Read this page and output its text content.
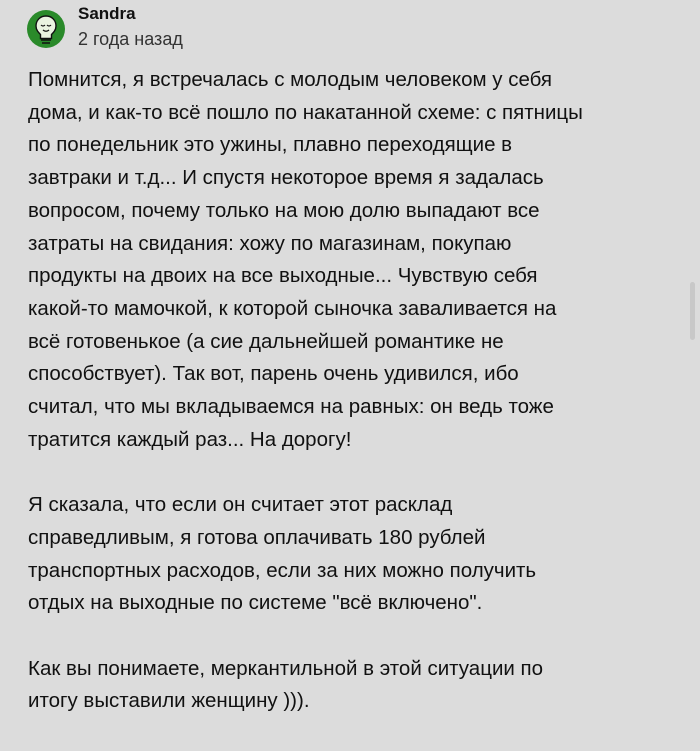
Sandra
2 года назад

Помнится, я встречалась с молодым человеком у себя
дома, и как-то всё пошло по накатанной схеме: с пятницы
по понедельник это ужины, плавно переходящие в
завтраки и т.д... И спустя некоторое время я задалась
вопросом, почему только на мою долю выпадают все
затраты на свидания: хожу по магазинам, покупаю
продукты на двоих на все выходные... Чувствую себя
какой-то мамочкой, к которой сыночка заваливается на
всё готовенькое (а сие дальнейшей романтике не
способствует). Так вот, парень очень удивился, ибо
считал, что мы вкладываемся на равных: он ведь тоже
тратится каждый раз... На дорогу!

Я сказала, что если он считает этот расклад
справедливым, я готова оплачивать 180 рублей
транспортных расходов, если за них можно получить
отдых на выходные по системе "всё включено".

Как вы понимаете, меркантильной в этой ситуации по
итогу выставили женщину ))).
